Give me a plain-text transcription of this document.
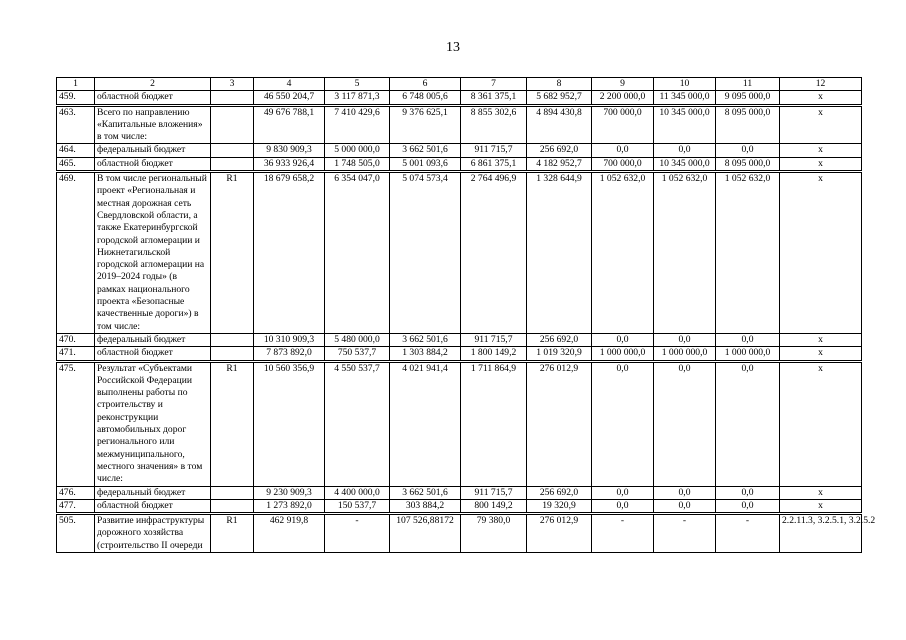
13
1	2	3	4	5	6	7	8	9	10	11	12
459.	областной бюджет		46 550 204,7	3 117 871,3	6 748 005,6	8 361 375,1	5 682 952,7	2 200 000,0	11 345 000,0	9 095 000,0	x
463.	Всего по направлению «Капитальные вложения» в том числе:		49 676 788,1	7 410 429,6	9 376 625,1	8 855 302,6	4 894 430,8	700 000,0	10 345 000,0	8 095 000,0	x
464.	федеральный бюджет		9 830 909,3	5 000 000,0	3 662 501,6	911 715,7	256 692,0	0,0	0,0	0,0	x
465.	областной бюджет		36 933 926,4	1 748 505,0	5 001 093,6	6 861 375,1	4 182 952,7	700 000,0	10 345 000,0	8 095 000,0	x
469.	В том числе региональный проект «Региональная и местная дорожная сеть Свердловской области, а также Екатеринбургской городской агломерации и Нижнетагильской городской агломерации на 2019–2024 годы» (в рамках национального проекта «Безопасные качественные дороги») в том числе:	R1	18 679 658,2	6 354 047,0	5 074 573,4	2 764 496,9	1 328 644,9	1 052 632,0	1 052 632,0	1 052 632,0	x
470.	федеральный бюджет		10 310 909,3	5 480 000,0	3 662 501,6	911 715,7	256 692,0	0,0	0,0	0,0	x
471.	областной бюджет		7 873 892,0	750 537,7	1 303 884,2	1 800 149,2	1 019 320,9	1 000 000,0	1 000 000,0	1 000 000,0	x
475.	Результат «Субъектами Российской Федерации выполнены работы по строительству и реконструкции автомобильных дорог регионального или межмуниципального, местного значения» в том числе:	R1	10 560 356,9	4 550 537,7	4 021 941,4	1 711 864,9	276 012,9	0,0	0,0	0,0	x
476.	федеральный бюджет		9 230 909,3	4 400 000,0	3 662 501,6	911 715,7	256 692,0	0,0	0,0	0,0	x
477.	областной бюджет		1 273 892,0	150 537,7	303 884,2	800 149,2	19 320,9	0,0	0,0	0,0	x
505.	Развитие инфраструктуры дорожного хозяйства (строительство II очереди	R1	462 919,8	-	107 526,88172	79 380,0	276 012,9	-	-	-	2.2.11.3, 3.2.5.1, 3.2.5.2
